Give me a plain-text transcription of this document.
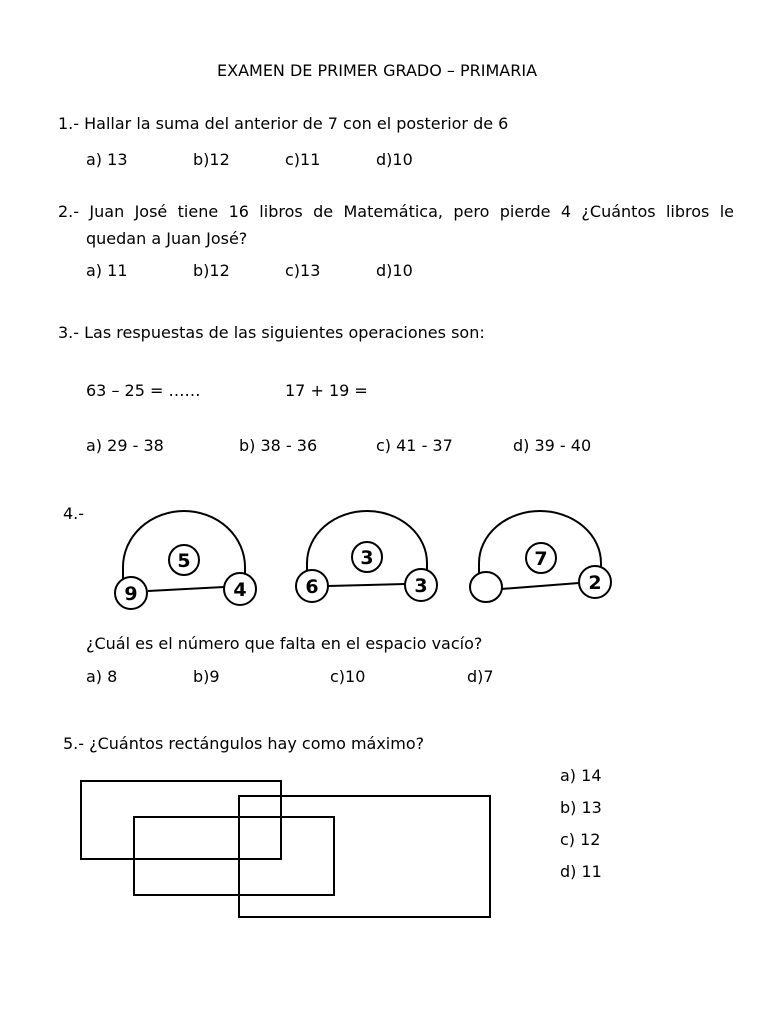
EXAMEN DE PRIMER GRADO – PRIMARIA
1.- Hallar la suma del anterior de 7 con el posterior de 6
a) 13	b)12	c)11	d)10
2.- Juan José tiene 16 libros de Matemática, pero pierde 4 ¿Cuántos libros le
quedan a Juan José?
a) 11	b)12	c)13	d)10
3.- Las respuestas de las siguientes operaciones son:
63 – 25 = ……	17 + 19 =
a) 29 - 38	b) 38 - 36	c) 41 - 37	d) 39 - 40
4.-
5
9	4
3
6	3
7
2
¿Cuál es el número que falta en el espacio vacío?
a) 8	b)9	c)10	d)7
5.- ¿Cuántos rectángulos hay como máximo?
a) 14
b) 13
c) 12
d) 11
